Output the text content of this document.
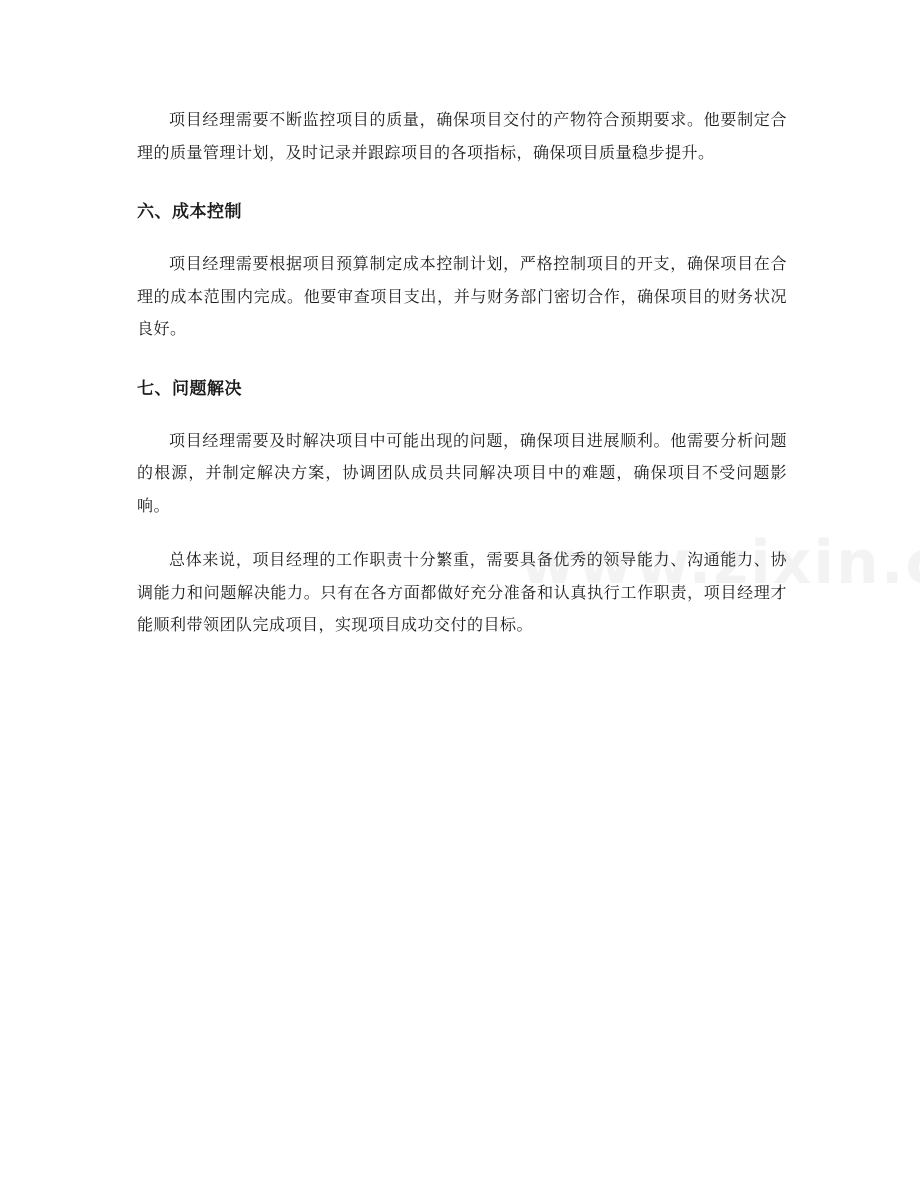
项目经理需要不断监控项目的质量，确保项目交付的产物符合预期要求。他要制定合理的质量管理计划，及时记录并跟踪项目的各项指标，确保项目质量稳步提升。

六、成本控制

项目经理需要根据项目预算制定成本控制计划，严格控制项目的开支，确保项目在合理的成本范围内完成。他要审查项目支出，并与财务部门密切合作，确保项目的财务状况良好。

七、问题解决

项目经理需要及时解决项目中可能出现的问题，确保项目进展顺利。他需要分析问题的根源，并制定解决方案，协调团队成员共同解决项目中的难题，确保项目不受问题影响。

总体来说，项目经理的工作职责十分繁重，需要具备优秀的领导能力、沟通能力、协调能力和问题解决能力。只有在各方面都做好充分准备和认真执行工作职责，项目经理才能顺利带领团队完成项目，实现项目成功交付的目标。
